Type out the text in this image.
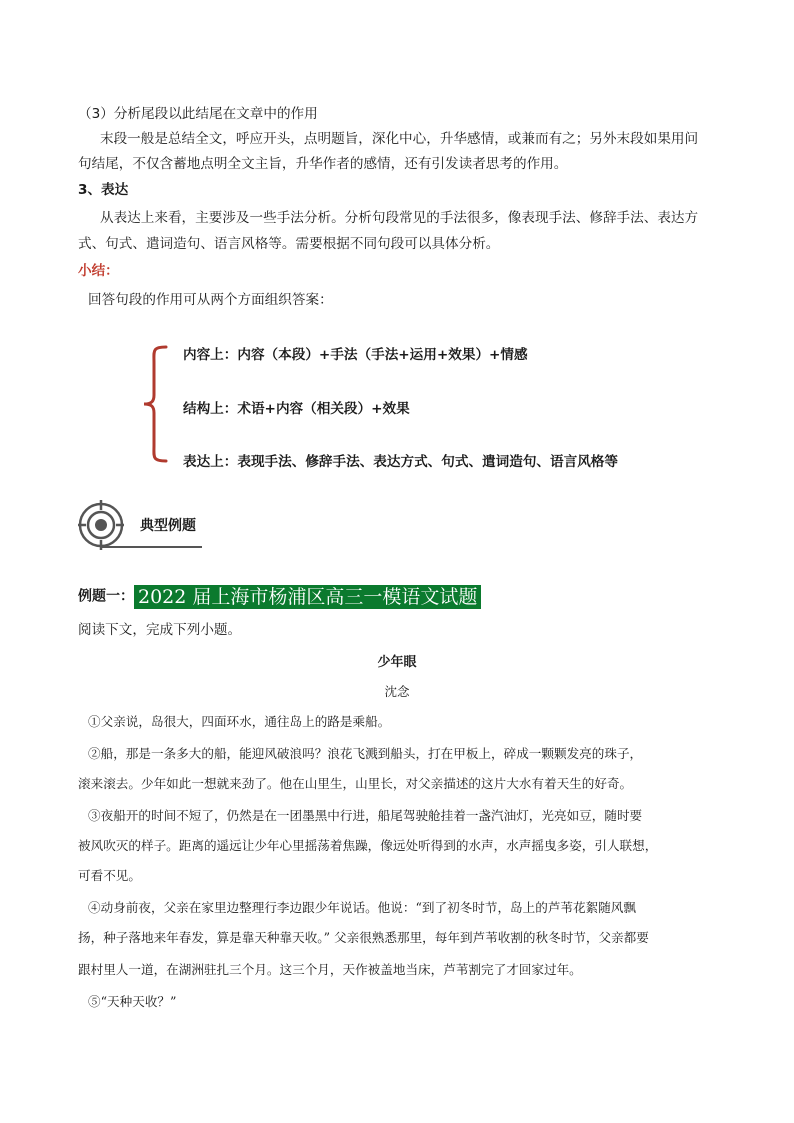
（3）分析尾段以此结尾在文章中的作用
末段一般是总结全文，呼应开头，点明题旨，深化中心，升华感情，或兼而有之；另外末段如果用问
句结尾，不仅含蓄地点明全文主旨，升华作者的感情，还有引发读者思考的作用。
3、表达
从表达上来看，主要涉及一些手法分析。分析句段常见的手法很多，像表现手法、修辞手法、表达方
式、句式、遣词造句、语言风格等。需要根据不同句段可以具体分析。
小结：
回答句段的作用可从两个方面组织答案：
内容上：内容（本段）+手法（手法+运用+效果）+情感
结构上：术语+内容（相关段）+效果
表达上：表现手法、修辞手法、表达方式、句式、遣词造句、语言风格等
典型例题
例题一： 2022 届上海市杨浦区高三一模语文试题
阅读下文，完成下列小题。
少年眼
沈念
①父亲说，岛很大，四面环水，通往岛上的路是乘船。
②船，那是一条多大的船，能迎风破浪吗？浪花飞溅到船头，打在甲板上，碎成一颗颗发亮的珠子，
滚来滚去。少年如此一想就来劲了。他在山里生，山里长，对父亲描述的这片大水有着天生的好奇。
③夜船开的时间不短了，仍然是在一团墨黑中行进，船尾驾驶舱挂着一盏汽油灯，光亮如豆，随时要
被风吹灭的样子。距离的遥远让少年心里摇荡着焦躁，像远处听得到的水声，水声摇曳多姿，引人联想，
可看不见。
④动身前夜，父亲在家里边整理行李边跟少年说话。他说：“到了初冬时节，岛上的芦苇花絮随风飘
扬，种子落地来年春发，算是靠天种靠天收。” 父亲很熟悉那里，每年到芦苇收割的秋冬时节，父亲都要
跟村里人一道，在湖洲驻扎三个月。这三个月，天作被盖地当床，芦苇割完了才回家过年。
⑤“天种天收？”
